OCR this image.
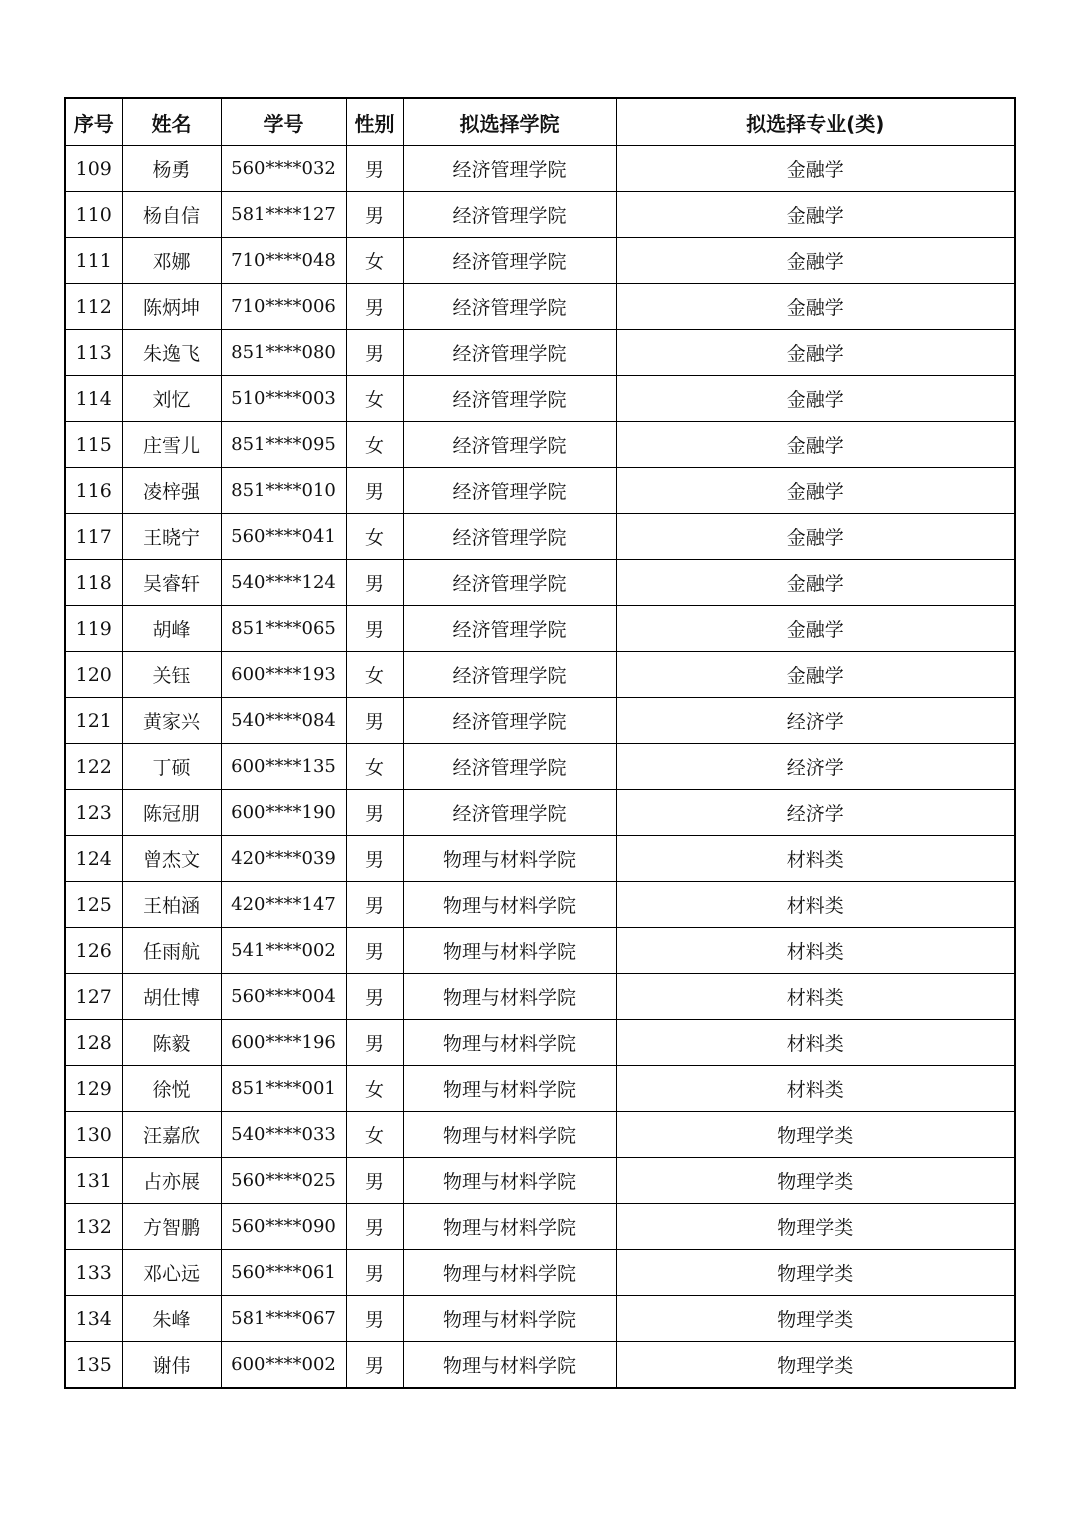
序号	姓名	学号	性别	拟选择学院	拟选择专业(类)
109	杨勇	560****032	男	经济管理学院	金融学
110	杨自信	581****127	男	经济管理学院	金融学
111	邓娜	710****048	女	经济管理学院	金融学
112	陈炳坤	710****006	男	经济管理学院	金融学
113	朱逸飞	851****080	男	经济管理学院	金融学
114	刘忆	510****003	女	经济管理学院	金融学
115	庄雪儿	851****095	女	经济管理学院	金融学
116	凌梓强	851****010	男	经济管理学院	金融学
117	王晓宁	560****041	女	经济管理学院	金融学
118	吴睿轩	540****124	男	经济管理学院	金融学
119	胡峰	851****065	男	经济管理学院	金融学
120	关钰	600****193	女	经济管理学院	金融学
121	黄家兴	540****084	男	经济管理学院	经济学
122	丁硕	600****135	女	经济管理学院	经济学
123	陈冠朋	600****190	男	经济管理学院	经济学
124	曾杰文	420****039	男	物理与材料学院	材料类
125	王柏涵	420****147	男	物理与材料学院	材料类
126	任雨航	541****002	男	物理与材料学院	材料类
127	胡仕博	560****004	男	物理与材料学院	材料类
128	陈毅	600****196	男	物理与材料学院	材料类
129	徐悦	851****001	女	物理与材料学院	材料类
130	汪嘉欣	540****033	女	物理与材料学院	物理学类
131	占亦展	560****025	男	物理与材料学院	物理学类
132	方智鹏	560****090	男	物理与材料学院	物理学类
133	邓心远	560****061	男	物理与材料学院	物理学类
134	朱峰	581****067	男	物理与材料学院	物理学类
135	谢伟	600****002	男	物理与材料学院	物理学类
